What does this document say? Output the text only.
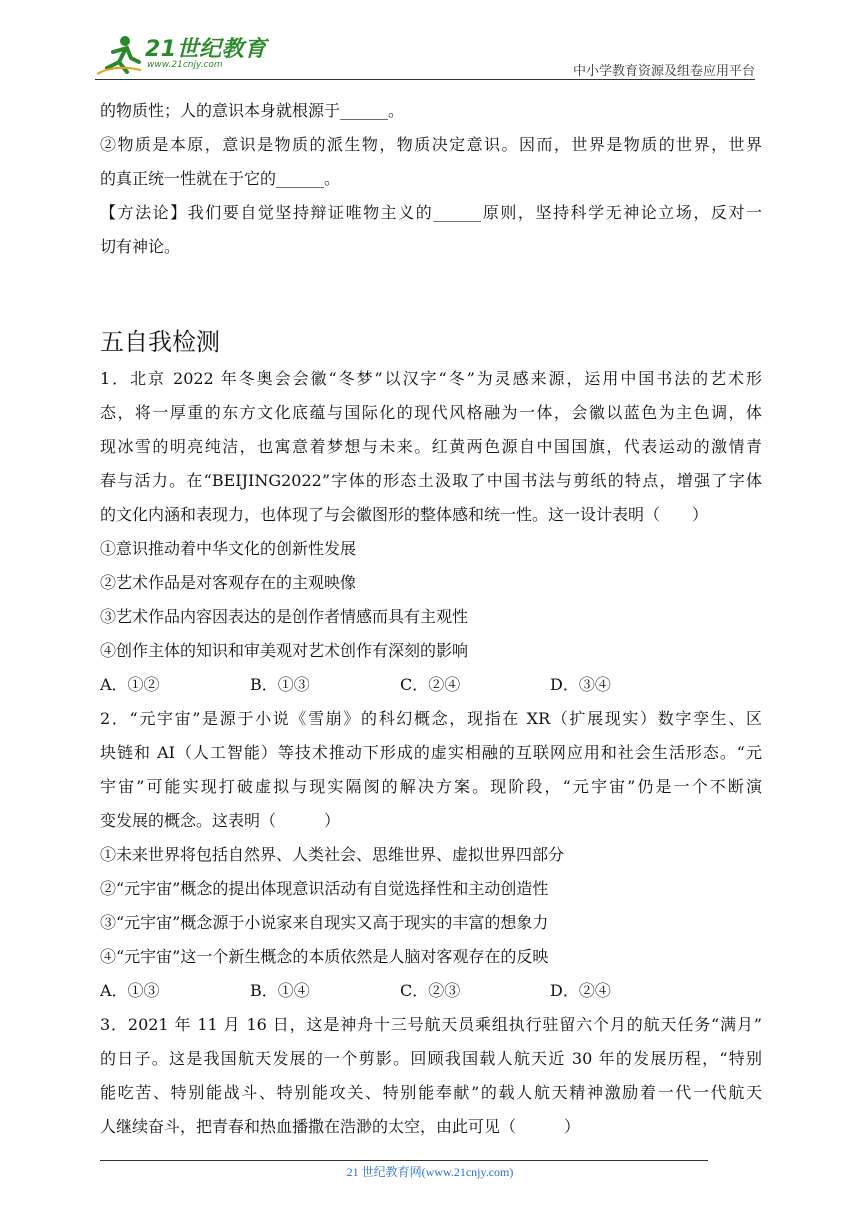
21世纪教育
www.21cnjy.com	中小学教育资源及组卷应用平台

的物质性；人的意识本身就根源于______。

②物质是本原，意识是物质的派生物，物质决定意识。因而，世界是物质的世界，世界

的真正统一性就在于它的______。

【方法论】我们要自觉坚持辩证唯物主义的______原则，坚持科学无神论立场，反对一

切有神论。

五自我检测

1．北京 2022 年冬奥会会徽“冬梦”以汉字“冬”为灵感来源，运用中国书法的艺术形

态，将一厚重的东方文化底蕴与国际化的现代风格融为一体，会徽以蓝色为主色调，体

现冰雪的明亮纯洁，也寓意着梦想与未来。红黄两色源自中国国旗，代表运动的激情青

春与活力。在“BEIJING2022”字体的形态土汲取了中国书法与剪纸的特点，增强了字体

的文化内涵和表现力，也体现了与会徽图形的整体感和统一性。这一设计表明（　　）

①意识推动着中华文化的创新性发展

②艺术作品是对客观存在的主观映像

③艺术作品内容因表达的是创作者情感而具有主观性

④创作主体的知识和审美观对艺术创作有深刻的影响

A．①②	B．①③	C．②④	D．③④

2．“元宇宙”是源于小说《雪崩》的科幻概念，现指在 XR（扩展现实）数字孪生、区

块链和 AI（人工智能）等技术推动下形成的虚实相融的互联网应用和社会生活形态。“元

宇宙”可能实现打破虚拟与现实隔阂的解决方案。现阶段，“元宇宙”仍是一个不断演

变发展的概念。这表明（　　　）

①未来世界将包括自然界、人类社会、思维世界、虚拟世界四部分

②“元宇宙”概念的提出体现意识活动有自觉选择性和主动创造性

③“元宇宙”概念源于小说家来自现实又高于现实的丰富的想象力

④“元宇宙”这一个新生概念的本质依然是人脑对客观存在的反映

A．①③	B．①④	C．②③	D．②④

3．2021 年 11 月 16 日，这是神舟十三号航天员乘组执行驻留六个月的航天任务“满月”

的日子。这是我国航天发展的一个剪影。回顾我国载人航天近 30 年的发展历程，“特别

能吃苦、特别能战斗、特别能攻关、特别能奉献”的载人航天精神激励着一代一代航天

人继续奋斗，把青春和热血播撒在浩渺的太空，由此可见（　　　）

21 世纪教育网(www.21cnjy.com)
